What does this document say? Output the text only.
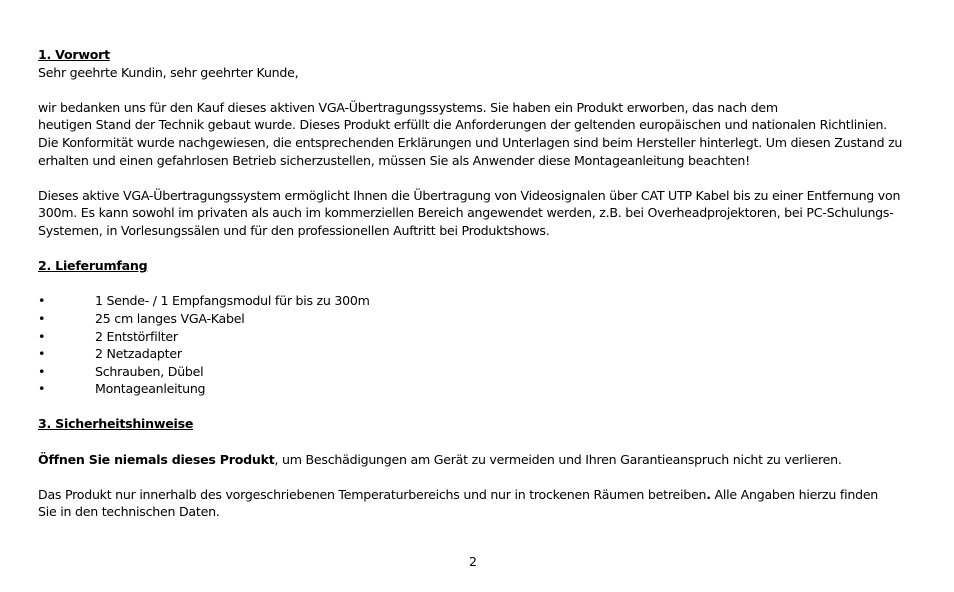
1. Vorwort

Sehr geehrte Kundin, sehr geehrter Kunde,

wir bedanken uns für den Kauf dieses aktiven VGA-Übertragungssystems. Sie haben ein Produkt erworben, das nach dem

heutigen Stand der Technik gebaut wurde. Dieses Produkt erfüllt die Anforderungen der geltenden europäischen und nationalen Richtlinien.

Die Konformität wurde nachgewiesen, die entsprechenden Erklärungen und Unterlagen sind beim Hersteller hinterlegt. Um diesen Zustand zu

erhalten und einen gefahrlosen Betrieb sicherzustellen, müssen Sie als Anwender diese Montageanleitung beachten!

Dieses aktive VGA-Übertragungssystem ermöglicht Ihnen die Übertragung von Videosignalen über CAT UTP Kabel bis zu einer Entfernung von

300m. Es kann sowohl im privaten als auch im kommerziellen Bereich angewendet werden, z.B. bei Overheadprojektoren, bei PC-Schulungs-

Systemen, in Vorlesungssälen und für den professionellen Auftritt bei Produktshows.

2. Lieferumfang
•	1 Sende- / 1 Empfangsmodul für bis zu 300m
•	25 cm langes VGA-Kabel
•	2 Entstörfilter
•	2 Netzadapter
•	Schrauben, Dübel
•	Montageanleitung
3. Sicherheitshinweise

Öffnen Sie niemals dieses Produkt, um Beschädigungen am Gerät zu vermeiden und Ihren Garantieanspruch nicht zu verlieren.

Das Produkt nur innerhalb des vorgeschriebenen Temperaturbereichs und nur in trockenen Räumen betreiben. Alle Angaben hierzu finden

Sie in den technischen Daten.

2
